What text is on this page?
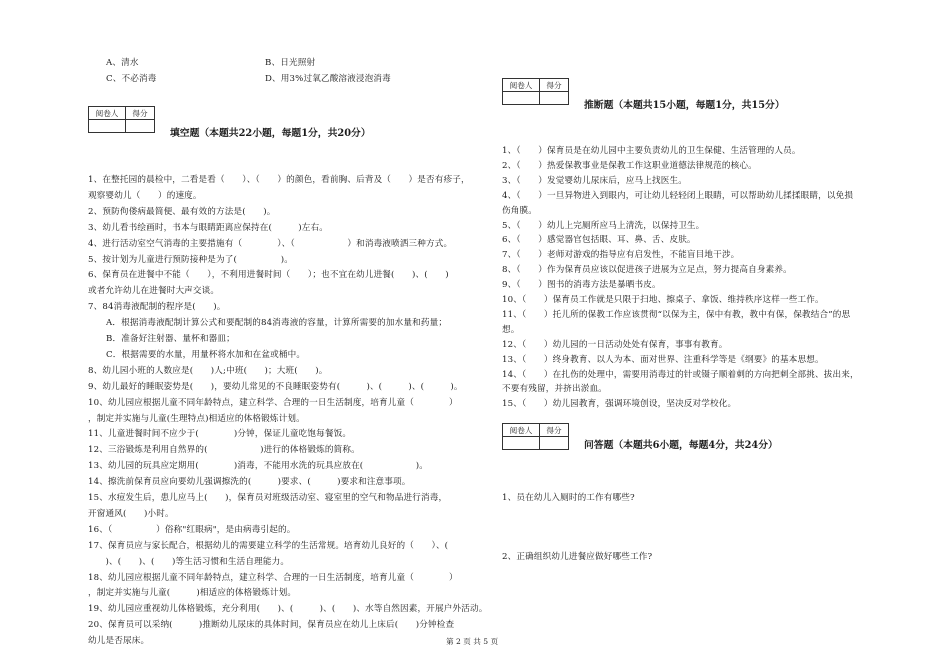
A、清水	B、日光照射
C、不必消毒	D、用3%过氧乙酸溶液浸泡消毒
阅卷人	得分

填空题（本题共22小题，每题1分，共20分）
1、在整托园的晨检中，二看是看（　　）、（　　）的颜色，看前胸、后背及（　　）是否有疹子，
观察婴幼儿（　　）的速度。
2、预防佝偻病最简便、最有效的方法是(　　)。
3、幼儿看书绘画时，书本与眼睛距离应保持在(　　　)左右。
4、进行活动室空气消毒的主要措施有（　　　　）、（　　　　　　）和消毒液喷洒三种方式。
5、按计划为儿童进行预防接种是为了(　　　　　)。
6、保育员在进餐中不能（　　），不利用进餐时间（　　）；也不宜在幼儿进餐(　　)、(　　)
或者允许幼儿在进餐时大声交谈。
7、84消毒液配制的程序是(　　)。
A．根据消毒液配制计算公式和要配制的84消毒液的容量，计算所需要的加水量和药量；
B．准备好注射器、量杯和器皿；
C．根据需要的水量，用量杯将水加和在盆或桶中。
8、幼儿园小班的人数应是(　　)人;中班(　　)；大班(　　)。
9、幼儿最好的睡眠姿势是(　　)，要幼儿常见的不良睡眠姿势有(　　　)、(　　　)、(　　　)。
10、幼儿园应根据儿童不同年龄特点，建立科学、合理的一日生活制度，培育儿童（　　　　）
，制定并实施与儿童(生理特点)相适应的体格锻炼计划。
11、儿童进餐时间不应少于(　　　　)分钟，保证儿童吃饱每餐饭。
12、三浴锻炼是利用自然界的(　　　　　　)进行的体格锻炼的简称。
13、幼儿园的玩具应定期用(　　　　)消毒，不能用水洗的玩具应放在(　　　　　　)。
14、擦洗前保育员应向要幼儿强调擦洗的(　　　)要求、(　　　)要求和注意事项。
15、水痘发生后，患儿应马上(　　)，保育员对班级活动室、寝室里的空气和物品进行消毒，
开窗通风(　　)小时。
16、（　　　　　）俗称"红眼病"，是由病毒引起的。
17、保育员应与家长配合，根据幼儿的需要建立科学的生活常规。培育幼儿良好的（　　）、(
　　)、(　　)、(　　)等生活习惯和生活自理能力。
18、幼儿园应根据儿童不同年龄特点，建立科学、合理的一日生活制度，培育儿童（　　　　）
，制定并实施与儿童(　　　)相适应的体格锻炼计划。
19、幼儿园应重视幼儿体格锻炼，充分利用(　　)、(　　　)、(　　)、水等自然因素，开展户外活动。
20、保育员可以采纳(　　　)推断幼儿尿床的具体时间，保育员应在幼儿上床后(　　)分钟检查
幼儿是否尿床。
阅卷人	得分

推断题（本题共15小题，每题1分，共15分）
1、（　　）保育员是在幼儿园中主要负责幼儿的卫生保健、生活管理的人员。
2、（　　）热爱保教事业是保教工作这职业道德法律规范的核心。
3、（　　）发觉婴幼儿尿床后，应马上找医生。
4、（　　）一旦异物进入到眼内，可让幼儿轻轻闭上眼睛，可以帮助幼儿揉揉眼睛，以免损
伤角膜。
5、（　　）幼儿上完厕所应马上清洗，以保持卫生。
6、（　　）感觉器官包括眼、耳、鼻、舌、皮肤。
7、（　　）老师对游戏的指导应有启发性，不能盲目地干涉。
8、（　　）作为保育员应该以促进孩子进展为立足点，努力提高自身素养。
9、（　　）图书的消毒方法是暴晒书皮。
10、（　　）保育员工作就是只限于扫地、擦桌子、拿饭、维持秩序这样一些工作。
11、（　　）托儿所的保教工作应该贯彻“以保为主，保中有教，教中有保，保教结合”的思
想。
12、（　　）幼儿园的一日活动处处有保育，事事有教育。
13、（　　）终身教育、以人为本、面对世界、注重科学等是《纲要》的基本思想。
14、（　　）在扎伤的处理中，需要用消毒过的针或镊子顺着刺的方向把刺全部挑、拔出来，
不要有残留，并挤出淤血。
15、（　　）幼儿园教育，强调环境创设，坚决反对学校化。
阅卷人	得分

问答题（本题共6小题，每题4分，共24分）
1、员在幼儿入厕时的工作有哪些?
2、正确组织幼儿进餐应做好哪些工作?
第 2 页 共 5 页
